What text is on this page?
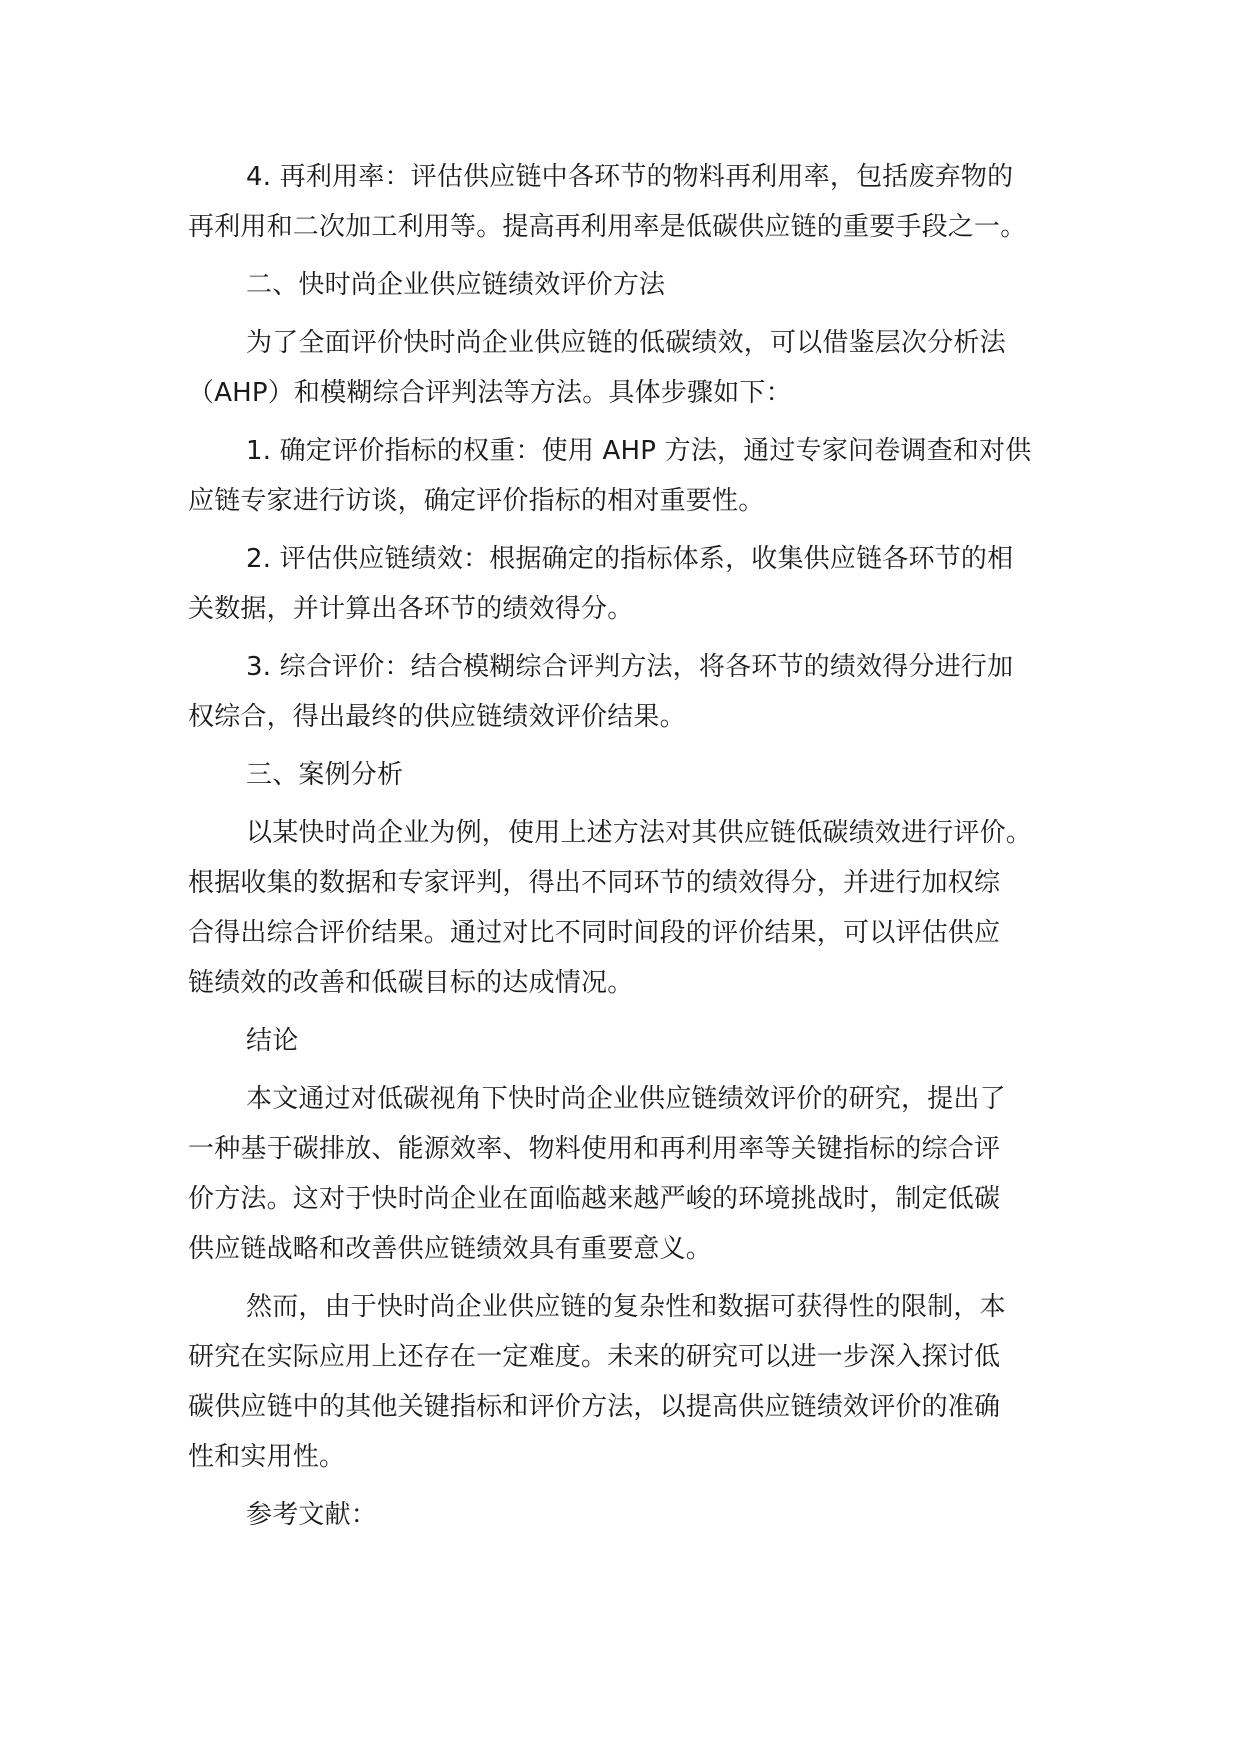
4. 再利用率：评估供应链中各环节的物料再利用率，包括废弃物的
再利用和二次加工利用等。提高再利用率是低碳供应链的重要手段之一。
二、快时尚企业供应链绩效评价方法
为了全面评价快时尚企业供应链的低碳绩效，可以借鉴层次分析法
（AHP）和模糊综合评判法等方法。具体步骤如下：
1. 确定评价指标的权重：使用 AHP 方法，通过专家问卷调查和对供
应链专家进行访谈，确定评价指标的相对重要性。
2. 评估供应链绩效：根据确定的指标体系，收集供应链各环节的相
关数据，并计算出各环节的绩效得分。
3. 综合评价：结合模糊综合评判方法，将各环节的绩效得分进行加
权综合，得出最终的供应链绩效评价结果。
三、案例分析
以某快时尚企业为例，使用上述方法对其供应链低碳绩效进行评价。
根据收集的数据和专家评判，得出不同环节的绩效得分，并进行加权综
合得出综合评价结果。通过对比不同时间段的评价结果，可以评估供应
链绩效的改善和低碳目标的达成情况。
结论
本文通过对低碳视角下快时尚企业供应链绩效评价的研究，提出了
一种基于碳排放、能源效率、物料使用和再利用率等关键指标的综合评
价方法。这对于快时尚企业在面临越来越严峻的环境挑战时，制定低碳
供应链战略和改善供应链绩效具有重要意义。
然而，由于快时尚企业供应链的复杂性和数据可获得性的限制，本
研究在实际应用上还存在一定难度。未来的研究可以进一步深入探讨低
碳供应链中的其他关键指标和评价方法，以提高供应链绩效评价的准确
性和实用性。
参考文献：
